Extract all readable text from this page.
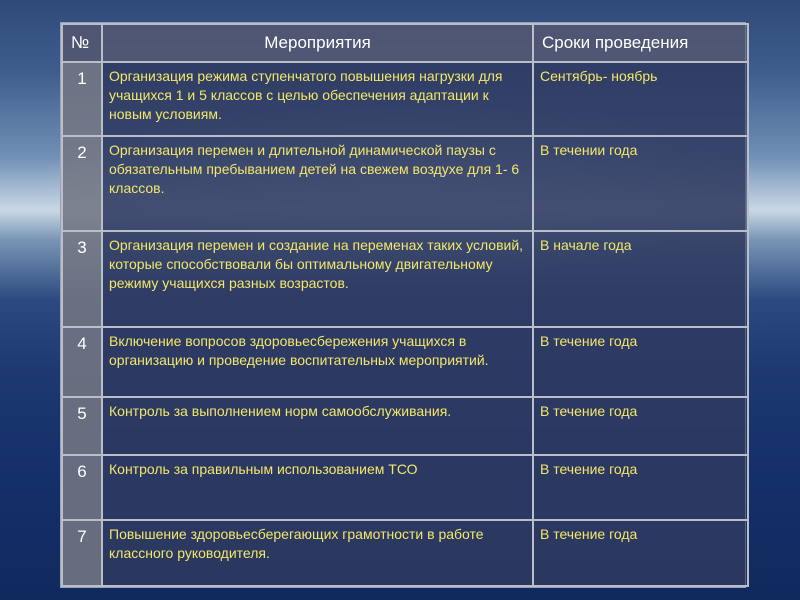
№	Мероприятия	Сроки проведения
1	Организация режима ступенчатого повышения нагрузки для учащихся 1 и 5 классов с целью обеспечения адаптации к новым условиям.	Сентябрь- ноябрь
2	Организация перемен и длительной динамической паузы с обязательным пребыванием детей на свежем воздухе для 1- 6 классов.	В течении года
3	Организация перемен и создание на переменах таких условий, которые способствовали бы оптимальному двигательному режиму учащихся разных возрастов.	В начале года
4	Включение вопросов здоровьесбережения учащихся в организацию и проведение воспитательных мероприятий.	В течение года
5	Контроль за выполнением норм самообслуживания.	В течение года
6	Контроль за правильным использованием ТСО	В течение года
7	Повышение здоровьесберегающих грамотности в работе классного руководителя.	В течение года
